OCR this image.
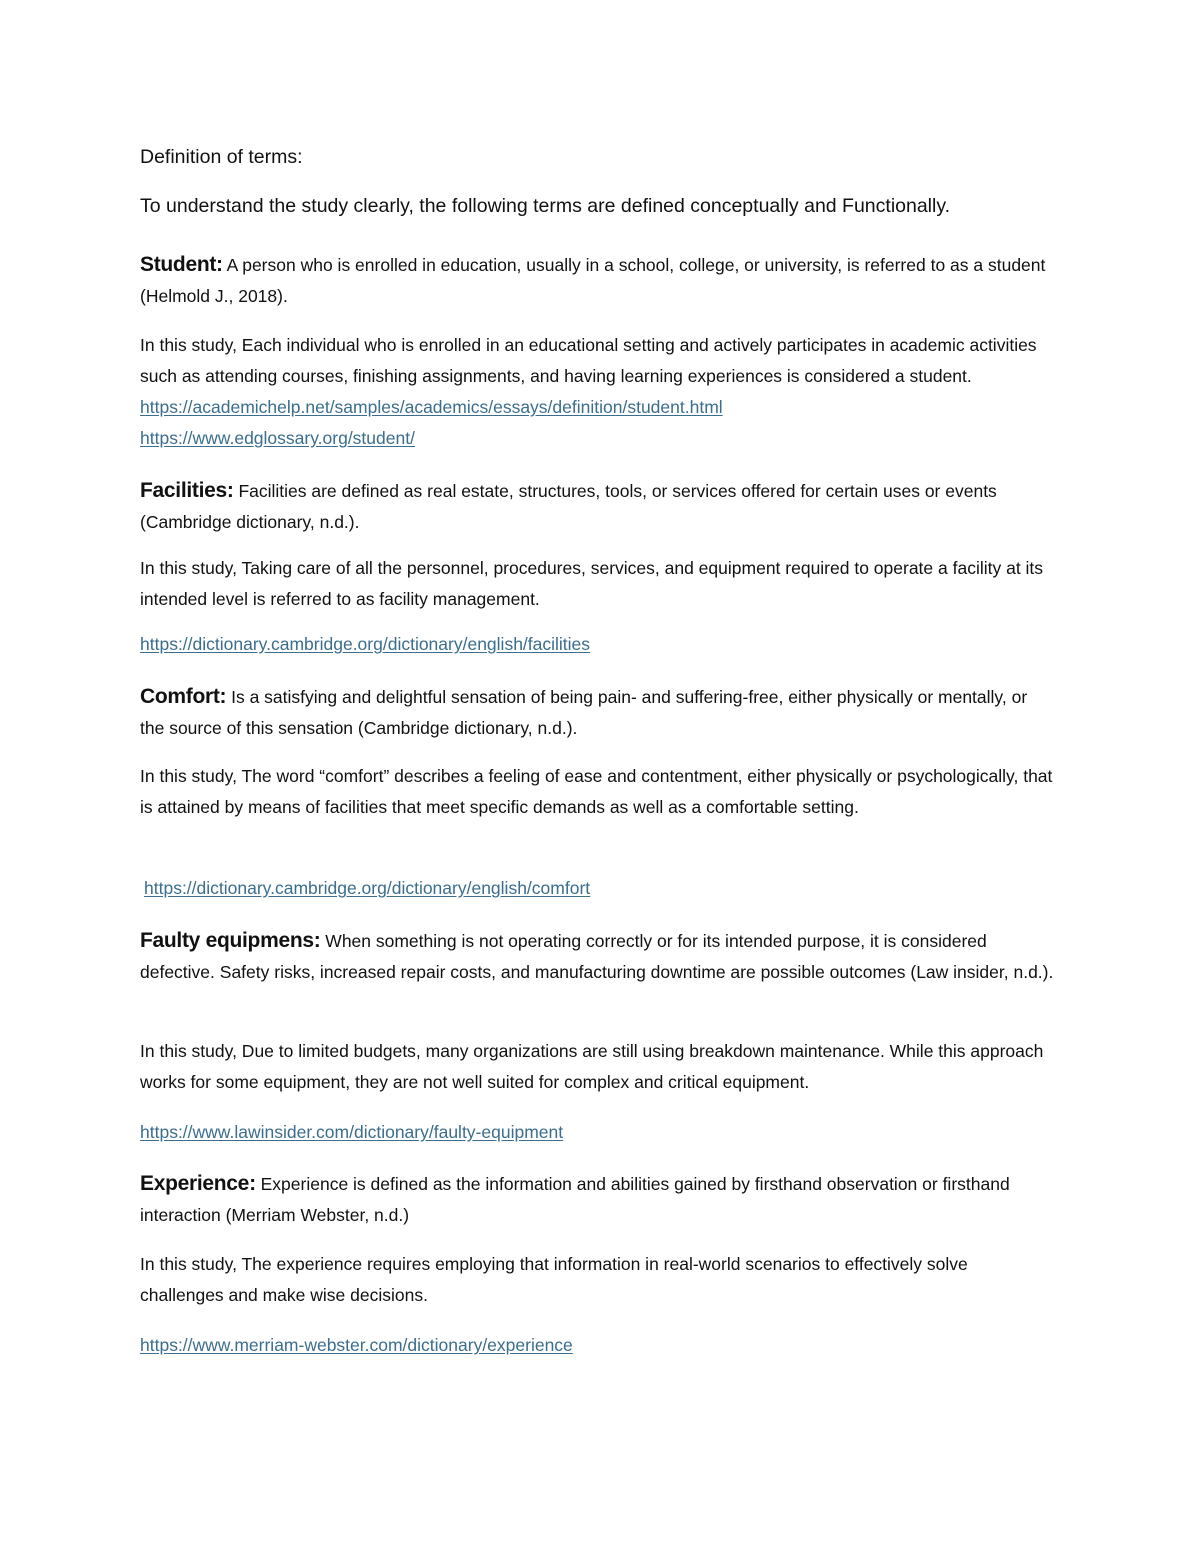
Definition of terms:

To understand the study clearly, the following terms are defined conceptually and Functionally.

Student: A person who is enrolled in education, usually in a school, college, or university, is referred to as a student (Helmold J., 2018).

In this study, Each individual who is enrolled in an educational setting and actively participates in academic activities such as attending courses, finishing assignments, and having learning experiences is considered a student.  https://academichelp.net/samples/academics/essays/definition/student.html
https://www.edglossary.org/student/

Facilities: Facilities are defined as real estate, structures, tools, or services offered for certain uses or events (Cambridge dictionary, n.d.).

In this study, Taking care of all the personnel, procedures, services, and equipment required to operate a facility at its intended level is referred to as facility management.

https://dictionary.cambridge.org/dictionary/english/facilities

Comfort: Is a satisfying and delightful sensation of being pain- and suffering-free, either physically or mentally, or the source of this sensation (Cambridge dictionary, n.d.).

In this study, The word “comfort” describes a feeling of ease and contentment, either physically or psychologically, that is attained by means of facilities that meet specific demands as well as a comfortable setting.

https://dictionary.cambridge.org/dictionary/english/comfort

Faulty equipmens: When something is not operating correctly or for its intended purpose, it is considered defective. Safety risks, increased repair costs, and manufacturing downtime are possible outcomes (Law insider, n.d.).

In this study, Due to limited budgets, many organizations are still using breakdown maintenance. While this approach works for some equipment, they are not well suited for complex and critical equipment.

https://www.lawinsider.com/dictionary/faulty-equipment

Experience: Experience is defined as the information and abilities gained by firsthand observation or firsthand interaction (Merriam Webster, n.d.)

In this study, The experience requires employing that information in real-world scenarios to effectively solve challenges and make wise decisions.

https://www.merriam-webster.com/dictionary/experience
